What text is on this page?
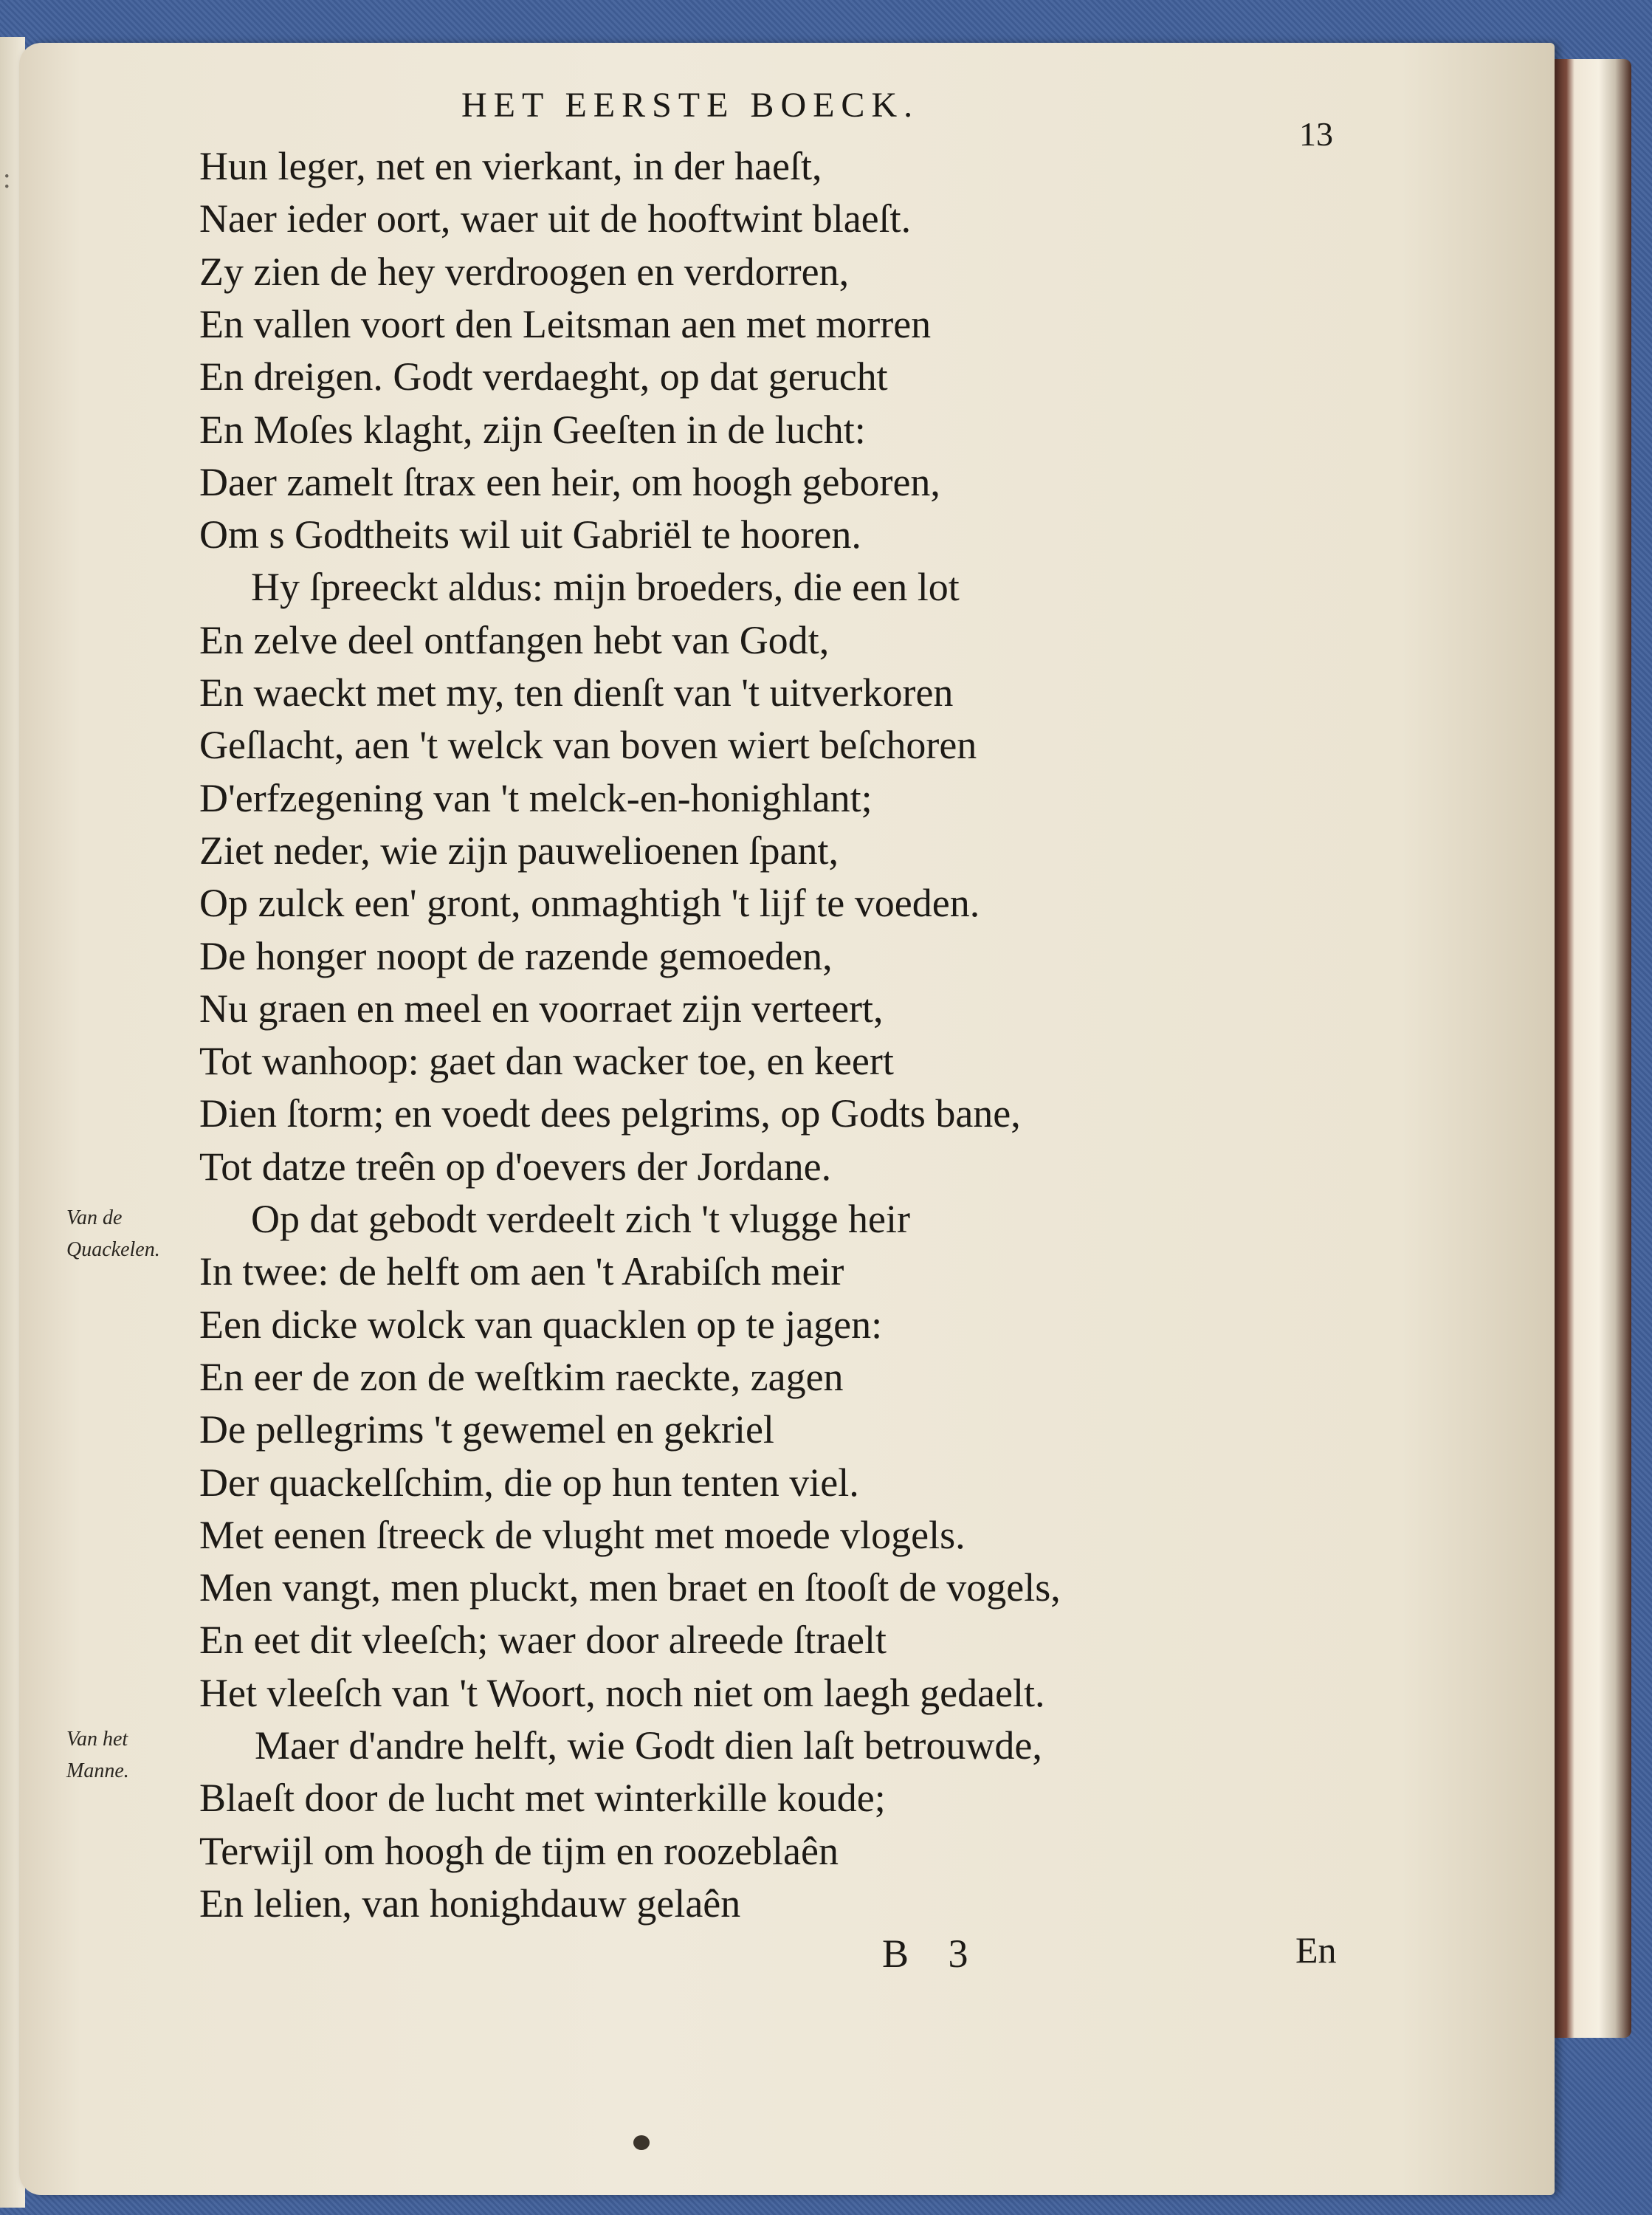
:
HET EERSTE BOECK.
13
Hun leger, net en vierkant, in der haeſt,
Naer ieder oort, waer uit de hooftwint blaeſt.
Zy zien de hey verdroogen en verdorren,
En vallen voort den Leitsman aen met morren
En dreigen. Godt verdaeght, op dat gerucht
En Moſes klaght, zijn Geeſten in de lucht:
Daer zamelt ſtrax een heir, om hoogh geboren,
Om s Godtheits wil uit Gabriël te hooren.
Hy ſpreeckt aldus: mijn broeders, die een lot
En zelve deel ontfangen hebt van Godt,
En waeckt met my, ten dienſt van 't uitverkoren
Geſlacht, aen 't welck van boven wiert beſchoren
D'erfzegening van 't melck-en-honighlant;
Ziet neder, wie zijn pauwelioenen ſpant,
Op zulck een' gront, onmaghtigh 't lijf te voeden.
De honger noopt de razende gemoeden,
Nu graen en meel en voorraet zijn verteert,
Tot wanhoop: gaet dan wacker toe, en keert
Dien ſtorm; en voedt dees pelgrims, op Godts bane,
Tot datze treên op d'oevers der Jordane.
Op dat gebodt verdeelt zich 't vlugge heir
In twee: de helft om aen 't Arabiſch meir
Een dicke wolck van quacklen op te jagen:
En eer de zon de weſtkim raeckte, zagen
De pellegrims 't gewemel en gekriel
Der quackelſchim, die op hun tenten viel.
Met eenen ſtreeck de vlught met moede vlogels.
Men vangt, men pluckt, men braet en ſtooſt de vogels,
En eet dit vleeſch; waer door alreede ſtraelt
Het vleeſch van 't Woort, noch niet om laegh gedaelt.
Maer d'andre helft, wie Godt dien laſt betrouwde,
Blaeſt door de lucht met winterkille koude;
Terwijl om hoogh de tijm en roozeblaên
En lelien, van honighdauw gelaên
Van de
Quackelen.
Van het
Manne.
B 3	En
